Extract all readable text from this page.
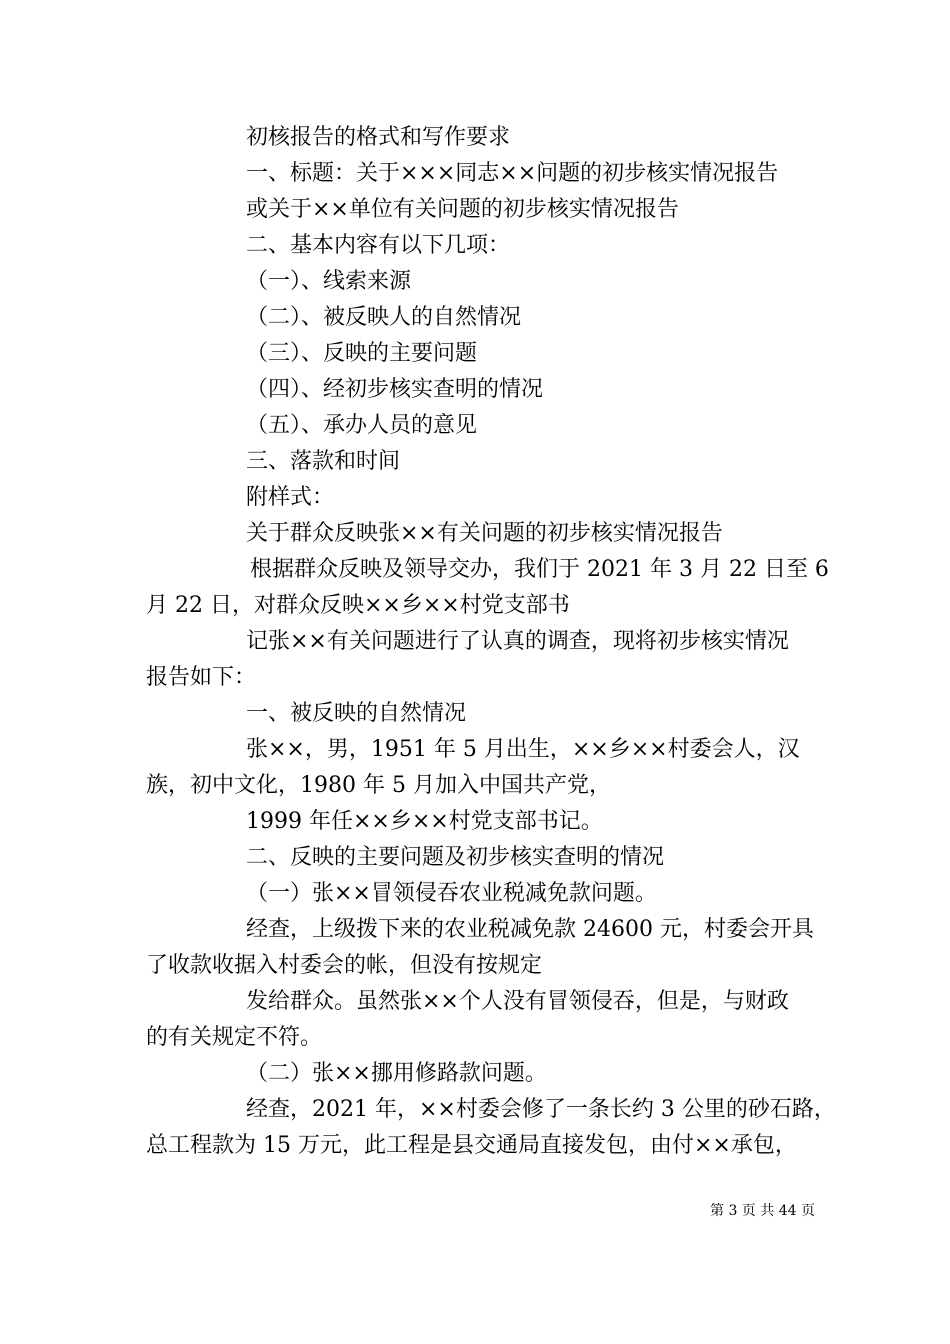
初核报告的格式和写作要求
一、标题：关于×××同志××问题的初步核实情况报告
或关于××单位有关问题的初步核实情况报告
二、基本内容有以下几项：
（一）、线索来源
（二）、被反映人的自然情况
（三）、反映的主要问题
（四）、经初步核实查明的情况
（五）、承办人员的意见
三、落款和时间
附样式：
关于群众反映张××有关问题的初步核实情况报告
根据群众反映及领导交办，我们于 2021 年 3 月 22 日至 6
月 22 日，对群众反映××乡××村党支部书
记张××有关问题进行了认真的调查，现将初步核实情况
报告如下：
一、被反映的自然情况
张××，男，1951 年 5 月出生，××乡××村委会人，汉
族，初中文化，1980 年 5 月加入中国共产党，
1999 年任××乡××村党支部书记。
二、反映的主要问题及初步核实查明的情况
（一）张××冒领侵吞农业税减免款问题。
经查，上级拨下来的农业税减免款 24600 元，村委会开具
了收款收据入村委会的帐，但没有按规定
发给群众。虽然张××个人没有冒领侵吞，但是，与财政
的有关规定不符。
（二）张××挪用修路款问题。
经查，2021 年，××村委会修了一条长约 3 公里的砂石路，
总工程款为 15 万元，此工程是县交通局直接发包，由付××承包，
第 3 页 共 44 页
